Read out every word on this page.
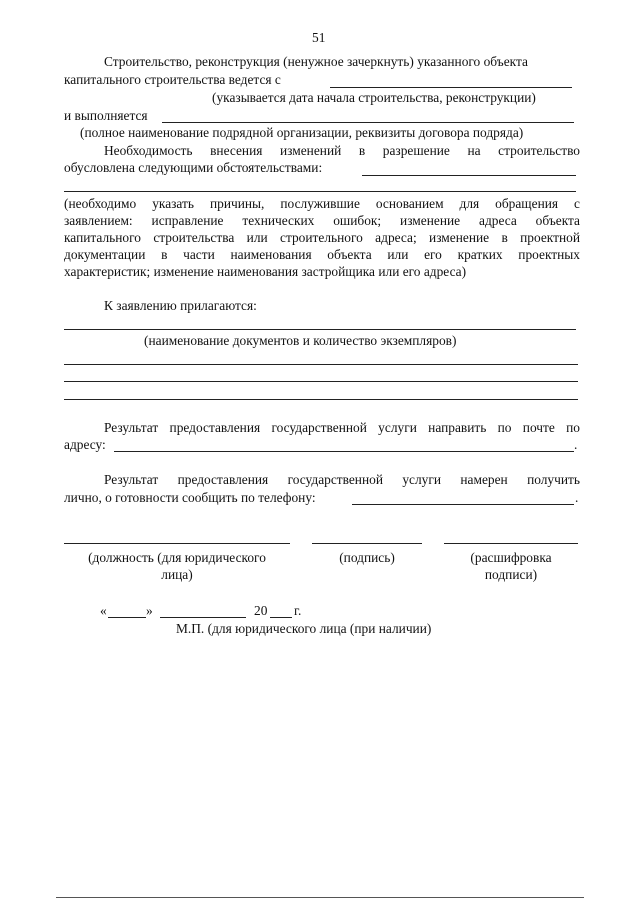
51
Строительство, реконструкция (ненужное зачеркнуть) указанного объекта
капитального строительства ведется с
(указывается дата начала строительства, реконструкции)
и выполняется
(полное наименование подрядной организации, реквизиты договора подряда)
Необходимость внесения изменений в разрешение на строительство
обусловлена следующими обстоятельствами:
(необходимо указать причины, послужившие основанием для обращения с
заявлением: исправление технических ошибок; изменение адреса объекта
капитального строительства или строительного адреса; изменение в проектной
документации в части наименования объекта или его кратких проектных
характеристик; изменение наименования застройщика или его адреса)
К заявлению прилагаются:
(наименование документов и количество экземпляров)
Результат предоставления государственной услуги направить по почте по
адресу:	.
Результат предоставления государственной услуги намерен получить
лично, о готовности сообщить по телефону:	.
(должность (для юридического
лица)
(подпись)	(расшифровка
подписи)
«	»	20 г.
М.П. (для юридического лица (при наличии)
